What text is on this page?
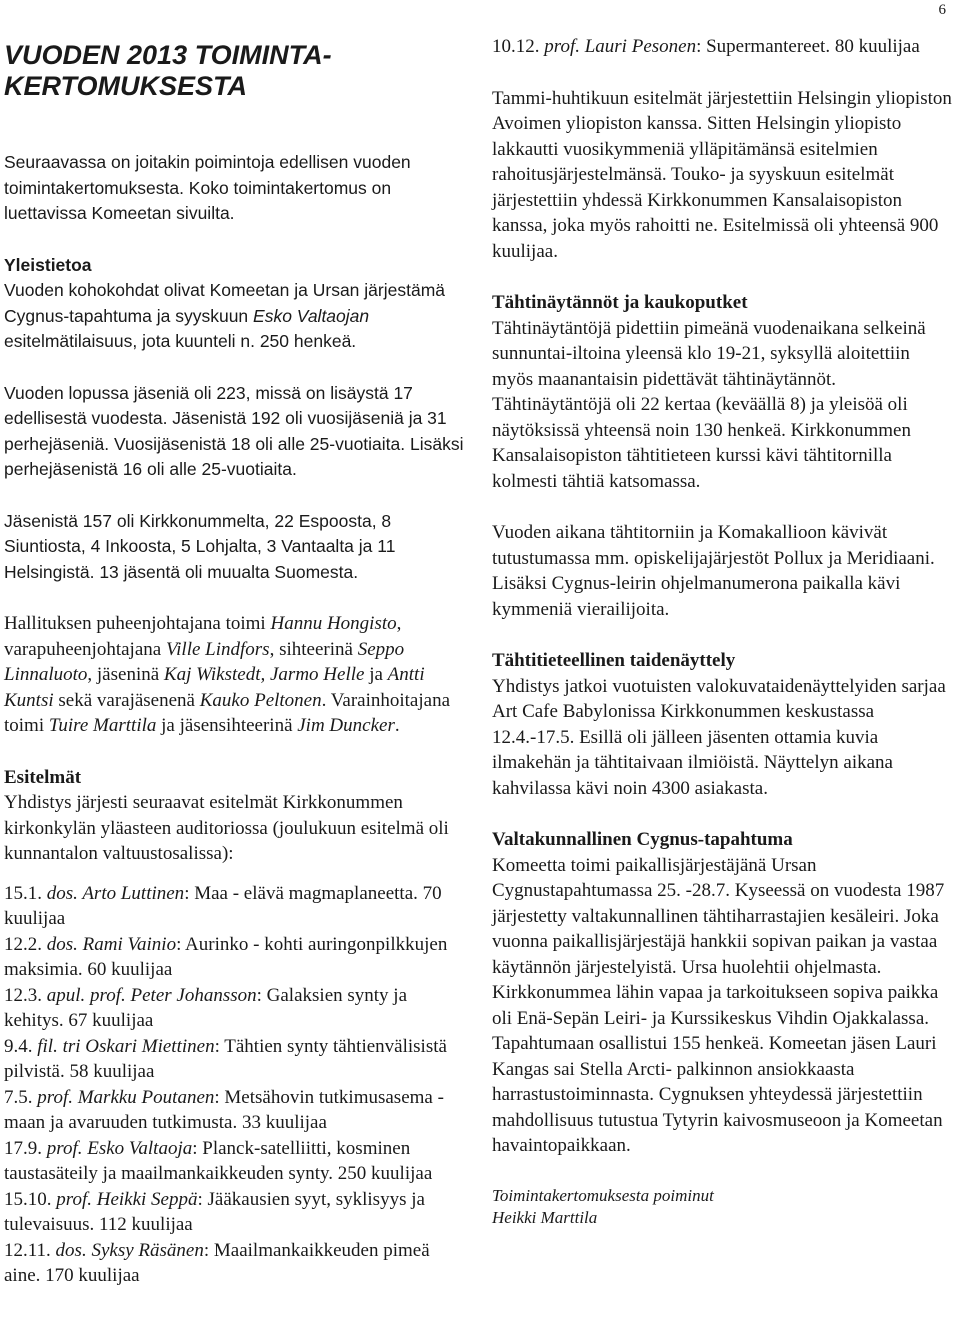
6
VUODEN 2013 TOIMINTA-KERTOMUKSESTA

Seuraavassa on joitakin poimintoja edellisen vuoden toimintakertomuksesta. Koko toimintakertomus on luettavissa Komeetan sivuilta.

Yleistietoa
Vuoden kohokohdat olivat Komeetan ja Ursan järjestämä Cygnus-tapahtuma ja syyskuun Esko Valtaojan esitelmätilaisuus, jota kuunteli n. 250 henkeä.

Vuoden lopussa jäseniä oli 223, missä on lisäystä 17 edellisestä vuodesta. Jäsenistä 192 oli vuosijäseniä ja 31 perhejäseniä. Vuosijäsenistä 18 oli alle 25-vuotiaita. Lisäksi perhejäsenistä 16 oli alle 25-vuotiaita.

Jäsenistä 157 oli Kirkkonummelta, 22 Espoosta, 8 Siuntiosta, 4 Inkoosta, 5 Lohjalta, 3 Vantaalta ja 11 Helsingistä. 13 jäsentä oli muualta Suomesta.

Hallituksen puheenjohtajana toimi Hannu Hongisto, varapuheenjohtajana Ville Lindfors, sihteerinä Seppo Linnaluoto, jäseninä Kaj Wikstedt, Jarmo Helle ja Antti Kuntsi sekä varajäsenenä Kauko Peltonen. Varainhoitajana toimi Tuire Marttila ja jäsensihteerinä Jim Duncker.

Esitelmät
Yhdistys järjesti seuraavat esitelmät Kirkkonummen kirkonkylän yläasteen auditoriossa (joulukuun esitelmä oli kunnantalon valtuustosalissa):

15.1. dos. Arto Luttinen: Maa - elävä magmaplaneetta. 70 kuulijaa
12.2. dos. Rami Vainio: Aurinko - kohti auringonpilkkujen maksimia. 60 kuulijaa
12.3. apul. prof. Peter Johansson: Galaksien synty ja kehitys. 67 kuulijaa
9.4. fil. tri Oskari Miettinen: Tähtien synty tähtienvälisistä pilvistä. 58 kuulijaa
7.5. prof. Markku Poutanen: Metsähovin tutkimusasema - maan ja avaruuden tutkimusta. 33 kuulijaa
17.9. prof. Esko Valtaoja: Planck-satelliitti, kosminen taustasäteily ja maailmankaikkeuden synty. 250 kuulijaa
15.10. prof. Heikki Seppä: Jääkausien syyt, syklisyys ja tulevaisuus. 112 kuulijaa
12.11. dos. Syksy Räsänen: Maailmankaikkeuden pimeä aine. 170 kuulijaa

10.12. prof. Lauri Pesonen: Supermantereet. 80 kuulijaa

Tammi-huhtikuun esitelmät järjestettiin Helsingin yliopiston Avoimen yliopiston kanssa. Sitten Helsingin yliopisto lakkautti vuosikymmeniä ylläpitämänsä esitelmien rahoitusjärjestelmänsä. Touko- ja syyskuun esitelmät järjestettiin yhdessä Kirkkonummen Kansalaisopiston kanssa, joka myös rahoitti ne. Esitelmissä oli yhteensä 900 kuulijaa.

Tähtinäytännöt ja kaukoputket
Tähtinäytäntöjä pidettiin pimeänä vuodenaikana selkeinä sunnuntai-iltoina yleensä klo 19-21, syksyllä aloitettiin myös maanantaisin pidettävät tähtinäytännöt. Tähtinäytäntöjä oli 22 kertaa (keväällä 8) ja yleisöä oli näytöksissä yhteensä noin 130 henkeä. Kirkkonummen Kansalaisopiston tähtitieteen kurssi kävi tähtitornilla kolmesti tähtiä katsomassa.

Vuoden aikana tähtitorniin ja Komakallioon kävivät tutustumassa mm. opiskelijajärjestöt Pollux ja Meridiaani. Lisäksi Cygnus-leirin ohjelmanumerona paikalla kävi kymmeniä vierailijoita.

Tähtitieteellinen taidenäyttely
Yhdistys jatkoi vuotuisten valokuvataidenäyttelyiden sarjaa Art Cafe Babylonissa Kirkkonummen keskustassa 12.4.-17.5. Esillä oli jälleen jäsenten ottamia kuvia ilmakehän ja tähtitaivaan ilmiöistä. Näyttelyn aikana kahvilassa kävi noin 4300 asiakasta.

Valtakunnallinen Cygnus-tapahtuma
Komeetta toimi paikallisjärjestäjänä Ursan Cygnustapahtumassa 25. -28.7. Kyseessä on vuodesta 1987 järjestetty valtakunnallinen tähtiharrastajien kesäleiri. Joka vuonna paikallisjärjestäjä hankkii sopivan paikan ja vastaa käytännön järjestelyistä. Ursa huolehtii ohjelmasta. Kirkkonummea lähin vapaa ja tarkoitukseen sopiva paikka oli Enä-Sepän Leiri- ja Kurssikeskus Vihdin Ojakkalassa. Tapahtumaan osallistui 155 henkeä. Komeetan jäsen Lauri Kangas sai Stella Arcti- palkinnon ansiokkaasta harrastustoiminnasta. Cygnuksen yhteydessä järjestettiin mahdollisuus tutustua Tytyrin kaivosmuseoon ja Komeetan havaintopaikkaan.

Toimintakertomuksesta poiminut
Heikki Marttila
